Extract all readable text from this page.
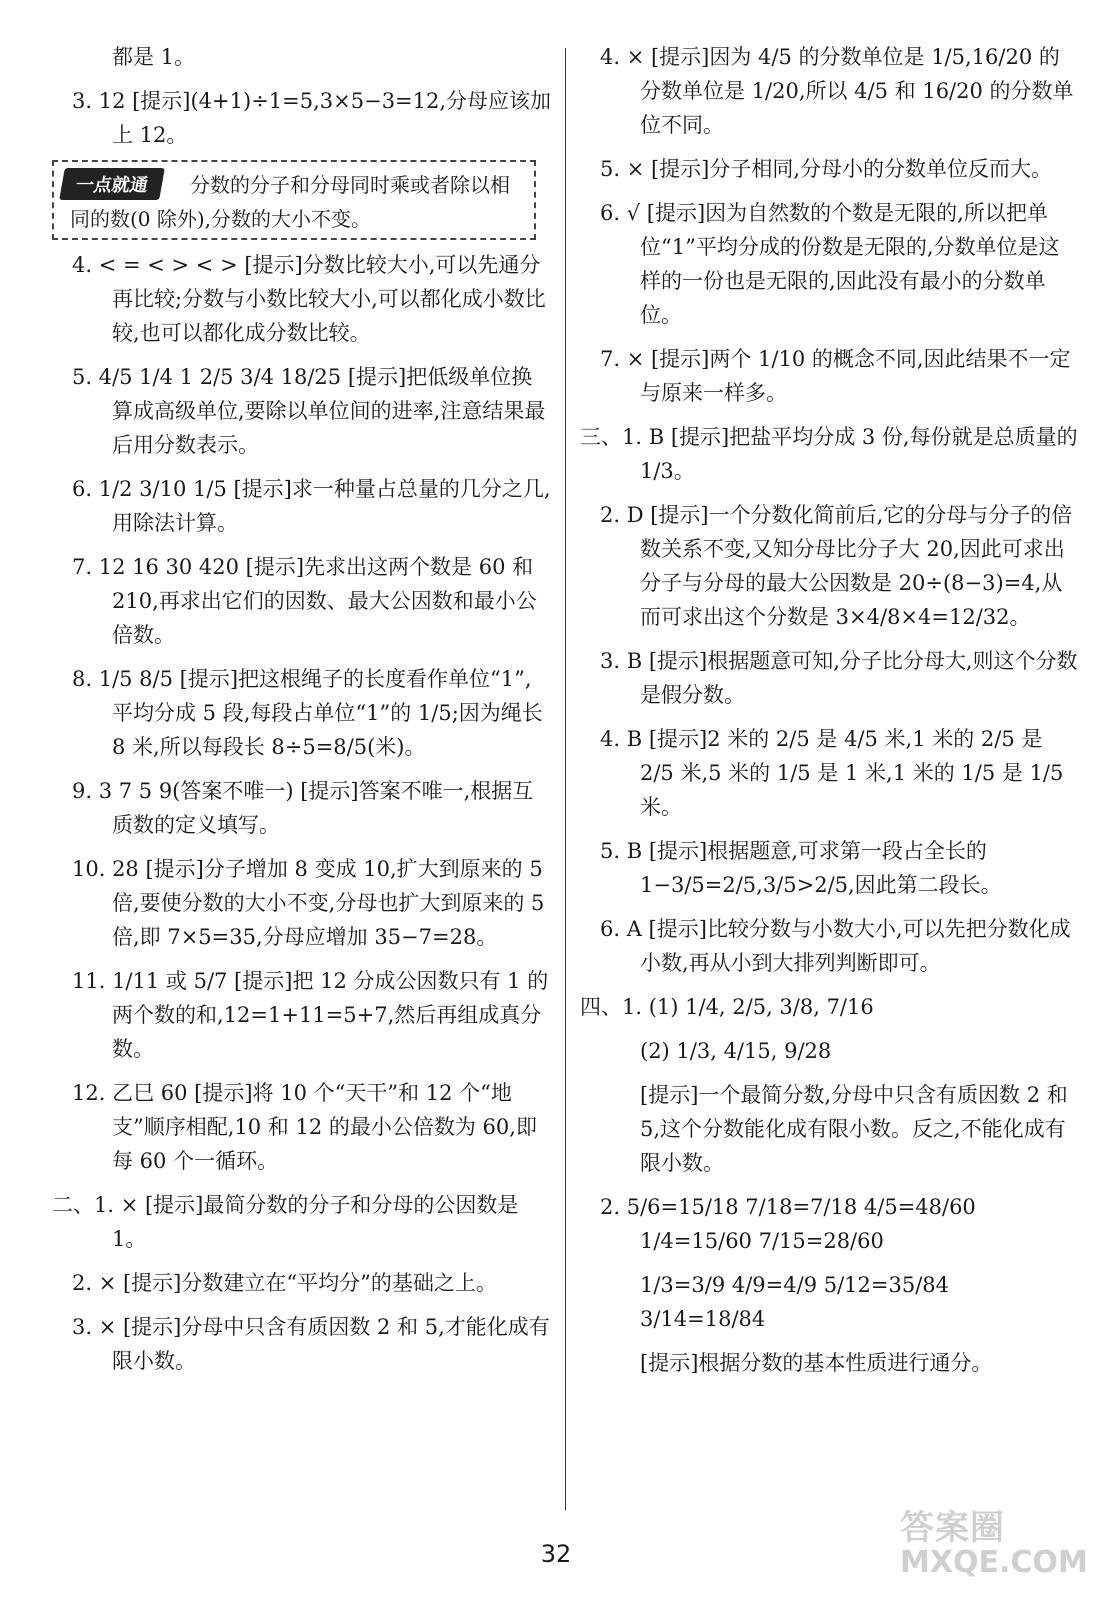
都是 1。
3. 12 [提示](4+1)÷1=5,3×5−3=12,分母应该加上 12。
一点就通	分数的分子和分母同时乘或者除以相同的数(0 除外),分数的大小不变。
4. < = < > < > [提示]分数比较大小,可以先通分再比较;分数与小数比较大小,可以都化成小数比较,也可以都化成分数比较。
5. 4/5 1/4 1 2/5 3/4 18/25 [提示]把低级单位换算成高级单位,要除以单位间的进率,注意结果最后用分数表示。
6. 1/2 3/10 1/5 [提示]求一种量占总量的几分之几,用除法计算。
7. 12 16 30 420 [提示]先求出这两个数是 60 和 210,再求出它们的因数、最大公因数和最小公倍数。
8. 1/5 8/5 [提示]把这根绳子的长度看作单位“1”,平均分成 5 段,每段占单位“1”的 1/5;因为绳长 8 米,所以每段长 8÷5=8/5(米)。
9. 3 7 5 9(答案不唯一) [提示]答案不唯一,根据互质数的定义填写。
10. 28 [提示]分子增加 8 变成 10,扩大到原来的 5 倍,要使分数的大小不变,分母也扩大到原来的 5 倍,即 7×5=35,分母应增加 35−7=28。
11. 1/11 或 5/7 [提示]把 12 分成公因数只有 1 的两个数的和,12=1+11=5+7,然后再组成真分数。
12. 乙巳 60 [提示]将 10 个“天干”和 12 个“地支”顺序相配,10 和 12 的最小公倍数为 60,即每 60 个一循环。
二、1. × [提示]最简分数的分子和分母的公因数是 1。
2. × [提示]分数建立在“平均分”的基础之上。
3. × [提示]分母中只含有质因数 2 和 5,才能化成有限小数。
4. × [提示]因为 4/5 的分数单位是 1/5,16/20 的分数单位是 1/20,所以 4/5 和 16/20 的分数单位不同。
5. × [提示]分子相同,分母小的分数单位反而大。
6. √ [提示]因为自然数的个数是无限的,所以把单位“1”平均分成的份数是无限的,分数单位是这样的一份也是无限的,因此没有最小的分数单位。
7. × [提示]两个 1/10 的概念不同,因此结果不一定与原来一样多。
三、1. B [提示]把盐平均分成 3 份,每份就是总质量的 1/3。
2. D [提示]一个分数化简前后,它的分母与分子的倍数关系不变,又知分母比分子大 20,因此可求出分子与分母的最大公因数是 20÷(8−3)=4,从而可求出这个分数是 3×4/8×4=12/32。
3. B [提示]根据题意可知,分子比分母大,则这个分数是假分数。
4. B [提示]2 米的 2/5 是 4/5 米,1 米的 2/5 是 2/5 米,5 米的 1/5 是 1 米,1 米的 1/5 是 1/5 米。
5. B [提示]根据题意,可求第一段占全长的 1−3/5=2/5,3/5>2/5,因此第二段长。
6. A [提示]比较分数与小数大小,可以先把分数化成小数,再从小到大排列判断即可。
四、1. (1) 1/4, 2/5, 3/8, 7/16
(2) 1/3, 4/15, 9/28
[提示]一个最简分数,分母中只含有质因数 2 和 5,这个分数能化成有限小数。反之,不能化成有限小数。
2. 5/6=15/18 7/18=7/18 4/5=48/60 1/4=15/60 7/15=28/60
1/3=3/9 4/9=4/9 5/12=35/84 3/14=18/84
[提示]根据分数的基本性质进行通分。
32
答案圈
MXQE.COM
